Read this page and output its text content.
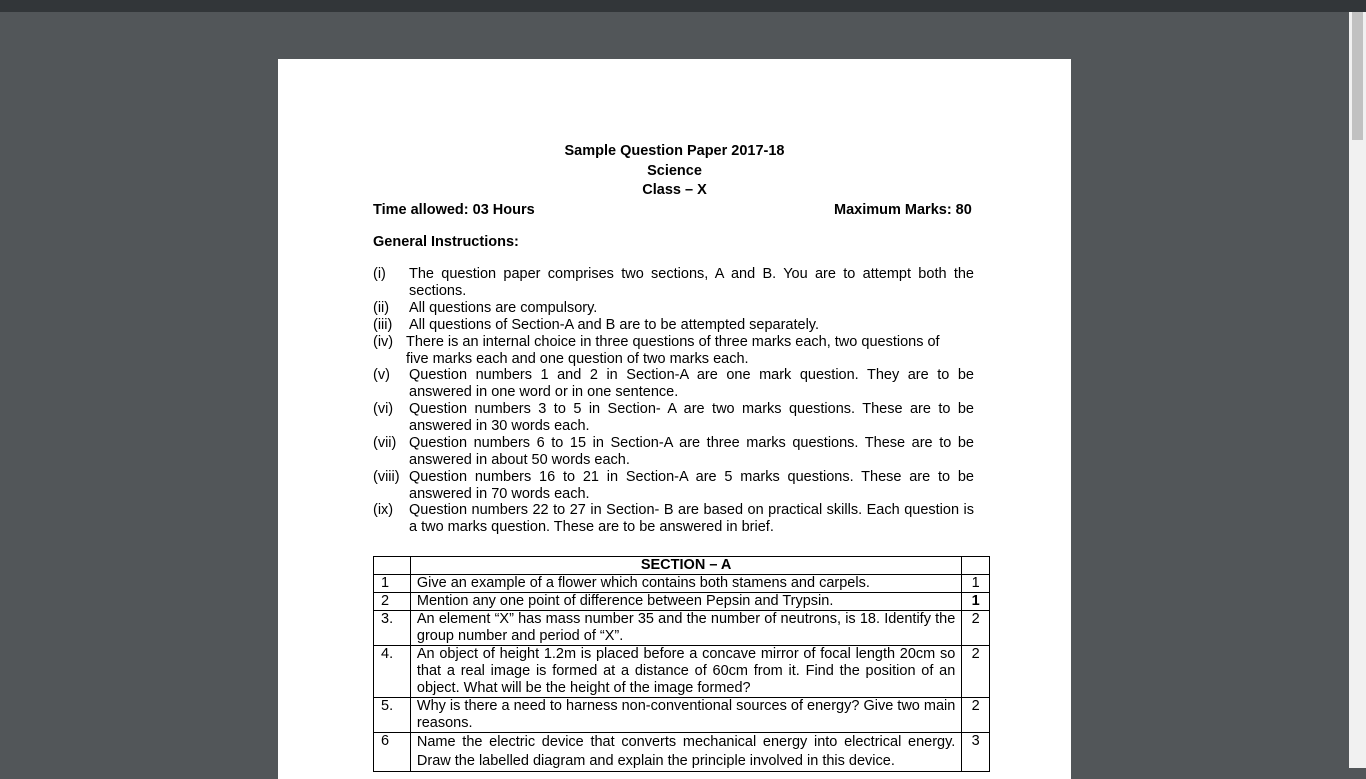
Sample Question Paper 2017-18
Science
Class – X
Time allowed: 03 Hours	Maximum Marks: 80
General Instructions:
(i) The question paper comprises two sections, A and B. You are to attempt both the sections.
(ii) All questions are compulsory.
(iii) All questions of Section-A and B are to be attempted separately.
(iv) There is an internal choice in three questions of three marks each, two questions of five marks each and one question of two marks each.
(v) Question numbers 1 and 2 in Section-A are one mark question. They are to be answered in one word or in one sentence.
(vi) Question numbers 3 to 5 in Section- A are two marks questions. These are to be answered in 30 words each.
(vii) Question numbers 6 to 15 in Section-A are three marks questions. These are to be answered in about 50 words each.
(viii) Question numbers 16 to 21 in Section-A are 5 marks questions. These are to be answered in 70 words each.
(ix) Question numbers 22 to 27 in Section- B are based on practical skills. Each question is a two marks question. These are to be answered in brief.
	SECTION – A	
1	Give an example of a flower which contains both stamens and carpels.	1
2	Mention any one point of difference between Pepsin and Trypsin.	1
3.	An element “X” has mass number 35 and the number of neutrons, is 18. Identify the group number and period of “X”.	2
4.	An object of height 1.2m is placed before a concave mirror of focal length 20cm so that a real image is formed at a distance of 60cm from it. Find the position of an object. What will be the height of the image formed?	2
5.	Why is there a need to harness non-conventional sources of energy? Give two main reasons.	2
6	Name the electric device that converts mechanical energy into electrical energy. Draw the labelled diagram and explain the principle involved in this device.	3
